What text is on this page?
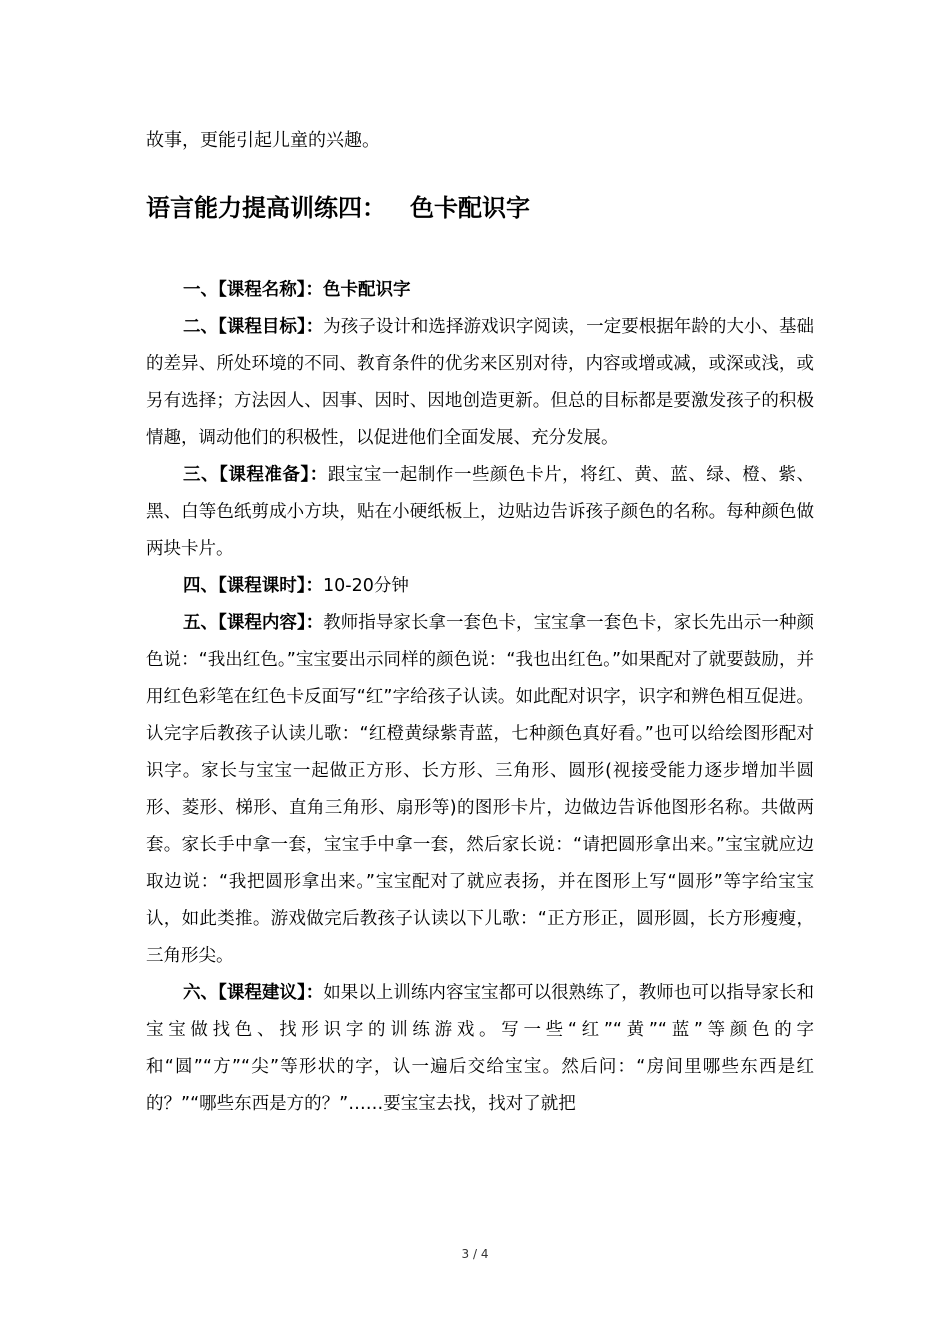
故事，更能引起儿童的兴趣。

语言能力提高训练四： 色卡配识字

一、【课程名称】：色卡配识字

二、【课程目标】：为孩子设计和选择游戏识字阅读，一定要根据年龄的大小、基础的差异、所处环境的不同、教育条件的优劣来区别对待，内容或增或减，或深或浅，或另有选择；方法因人、因事、因时、因地创造更新。但总的目标都是要激发孩子的积极情趣，调动他们的积极性，以促进他们全面发展、充分发展。

三、【课程准备】：跟宝宝一起制作一些颜色卡片，将红、黄、蓝、绿、橙、紫、黑、白等色纸剪成小方块，贴在小硬纸板上，边贴边告诉孩子颜色的名称。每种颜色做两块卡片。

四、【课程课时】：10-20分钟

五、【课程内容】：教师指导家长拿一套色卡，宝宝拿一套色卡，家长先出示一种颜色说：“我出红色。”宝宝要出示同样的颜色说：“我也出红色。”如果配对了就要鼓励，并用红色彩笔在红色卡反面写“红”字给孩子认读。如此配对识字，识字和辨色相互促进。认完字后教孩子认读儿歌：“红橙黄绿紫青蓝，七种颜色真好看。”也可以给绘图形配对识字。家长与宝宝一起做正方形、长方形、三角形、圆形(视接受能力逐步增加半圆形、菱形、梯形、直角三角形、扇形等)的图形卡片，边做边告诉他图形名称。共做两套。家长手中拿一套，宝宝手中拿一套，然后家长说：“请把圆形拿出来。”宝宝就应边取边说：“我把圆形拿出来。”宝宝配对了就应表扬，并在图形上写“圆形”等字给宝宝认，如此类推。游戏做完后教孩子认读以下儿歌：“正方形正，圆形圆，长方形瘦瘦，三角形尖。

六、【课程建议】：如果以上训练内容宝宝都可以很熟练了，教师也可以指导家长和宝宝做找色、找形识字的训练游戏。写一些“红”“黄”“蓝”等颜色的字和“圆”“方”“尖”等形状的字，认一遍后交给宝宝。然后问：“房间里哪些东西是红的？”“哪些东西是方的？”……要宝宝去找，找对了就把

3 / 4
